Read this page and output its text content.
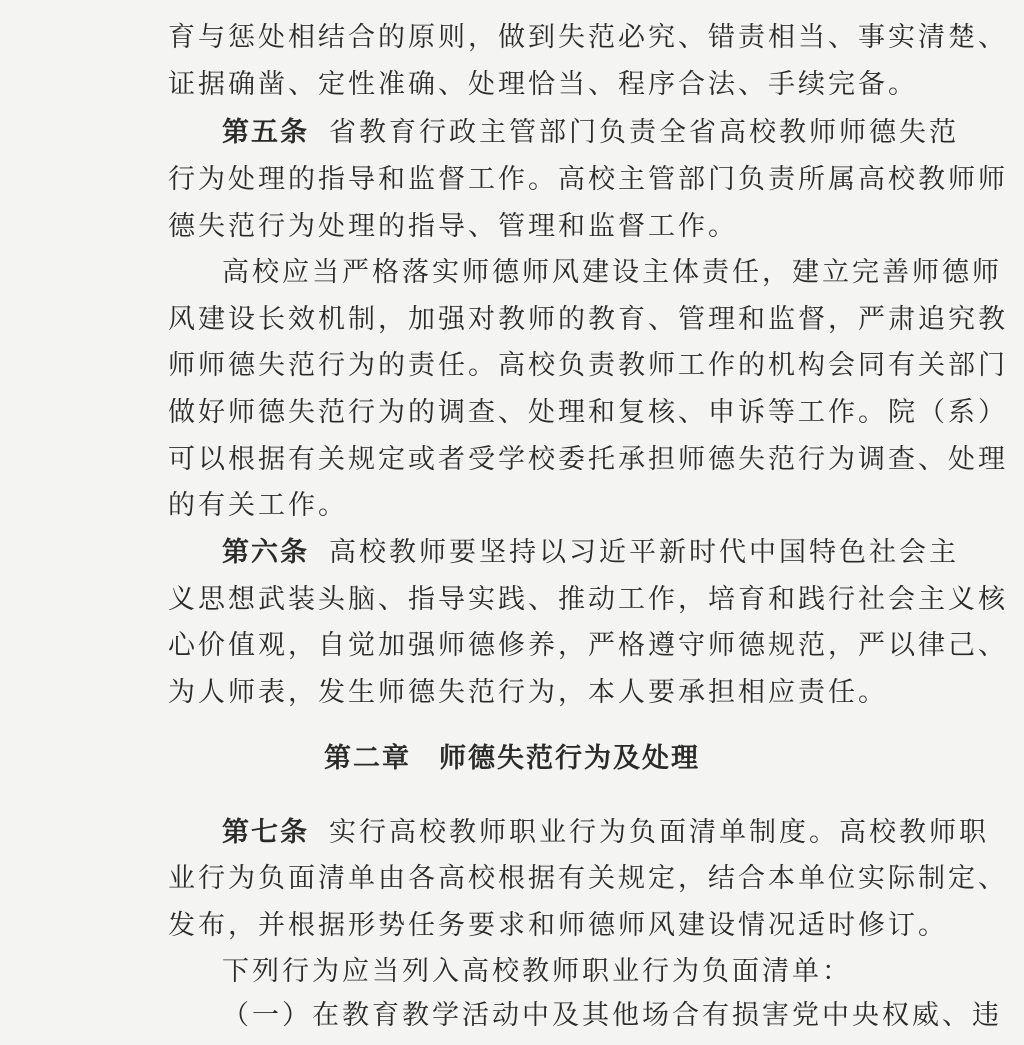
育与惩处相结合的原则，做到失范必究、错责相当、事实清楚、
证据确凿、定性准确、处理恰当、程序合法、手续完备。
第五条 省教育行政主管部门负责全省高校教师师德失范
行为处理的指导和监督工作。高校主管部门负责所属高校教师师
德失范行为处理的指导、管理和监督工作。
高校应当严格落实师德师风建设主体责任，建立完善师德师
风建设长效机制，加强对教师的教育、管理和监督，严肃追究教
师师德失范行为的责任。高校负责教师工作的机构会同有关部门
做好师德失范行为的调查、处理和复核、申诉等工作。院（系）
可以根据有关规定或者受学校委托承担师德失范行为调查、处理
的有关工作。
第六条 高校教师要坚持以习近平新时代中国特色社会主
义思想武装头脑、指导实践、推动工作，培育和践行社会主义核
心价值观，自觉加强师德修养，严格遵守师德规范，严以律己、
为人师表，发生师德失范行为，本人要承担相应责任。
第二章 师德失范行为及处理
第七条 实行高校教师职业行为负面清单制度。高校教师职
业行为负面清单由各高校根据有关规定，结合本单位实际制定、
发布，并根据形势任务要求和师德师风建设情况适时修订。
下列行为应当列入高校教师职业行为负面清单：
（一）在教育教学活动中及其他场合有损害党中央权威、违
